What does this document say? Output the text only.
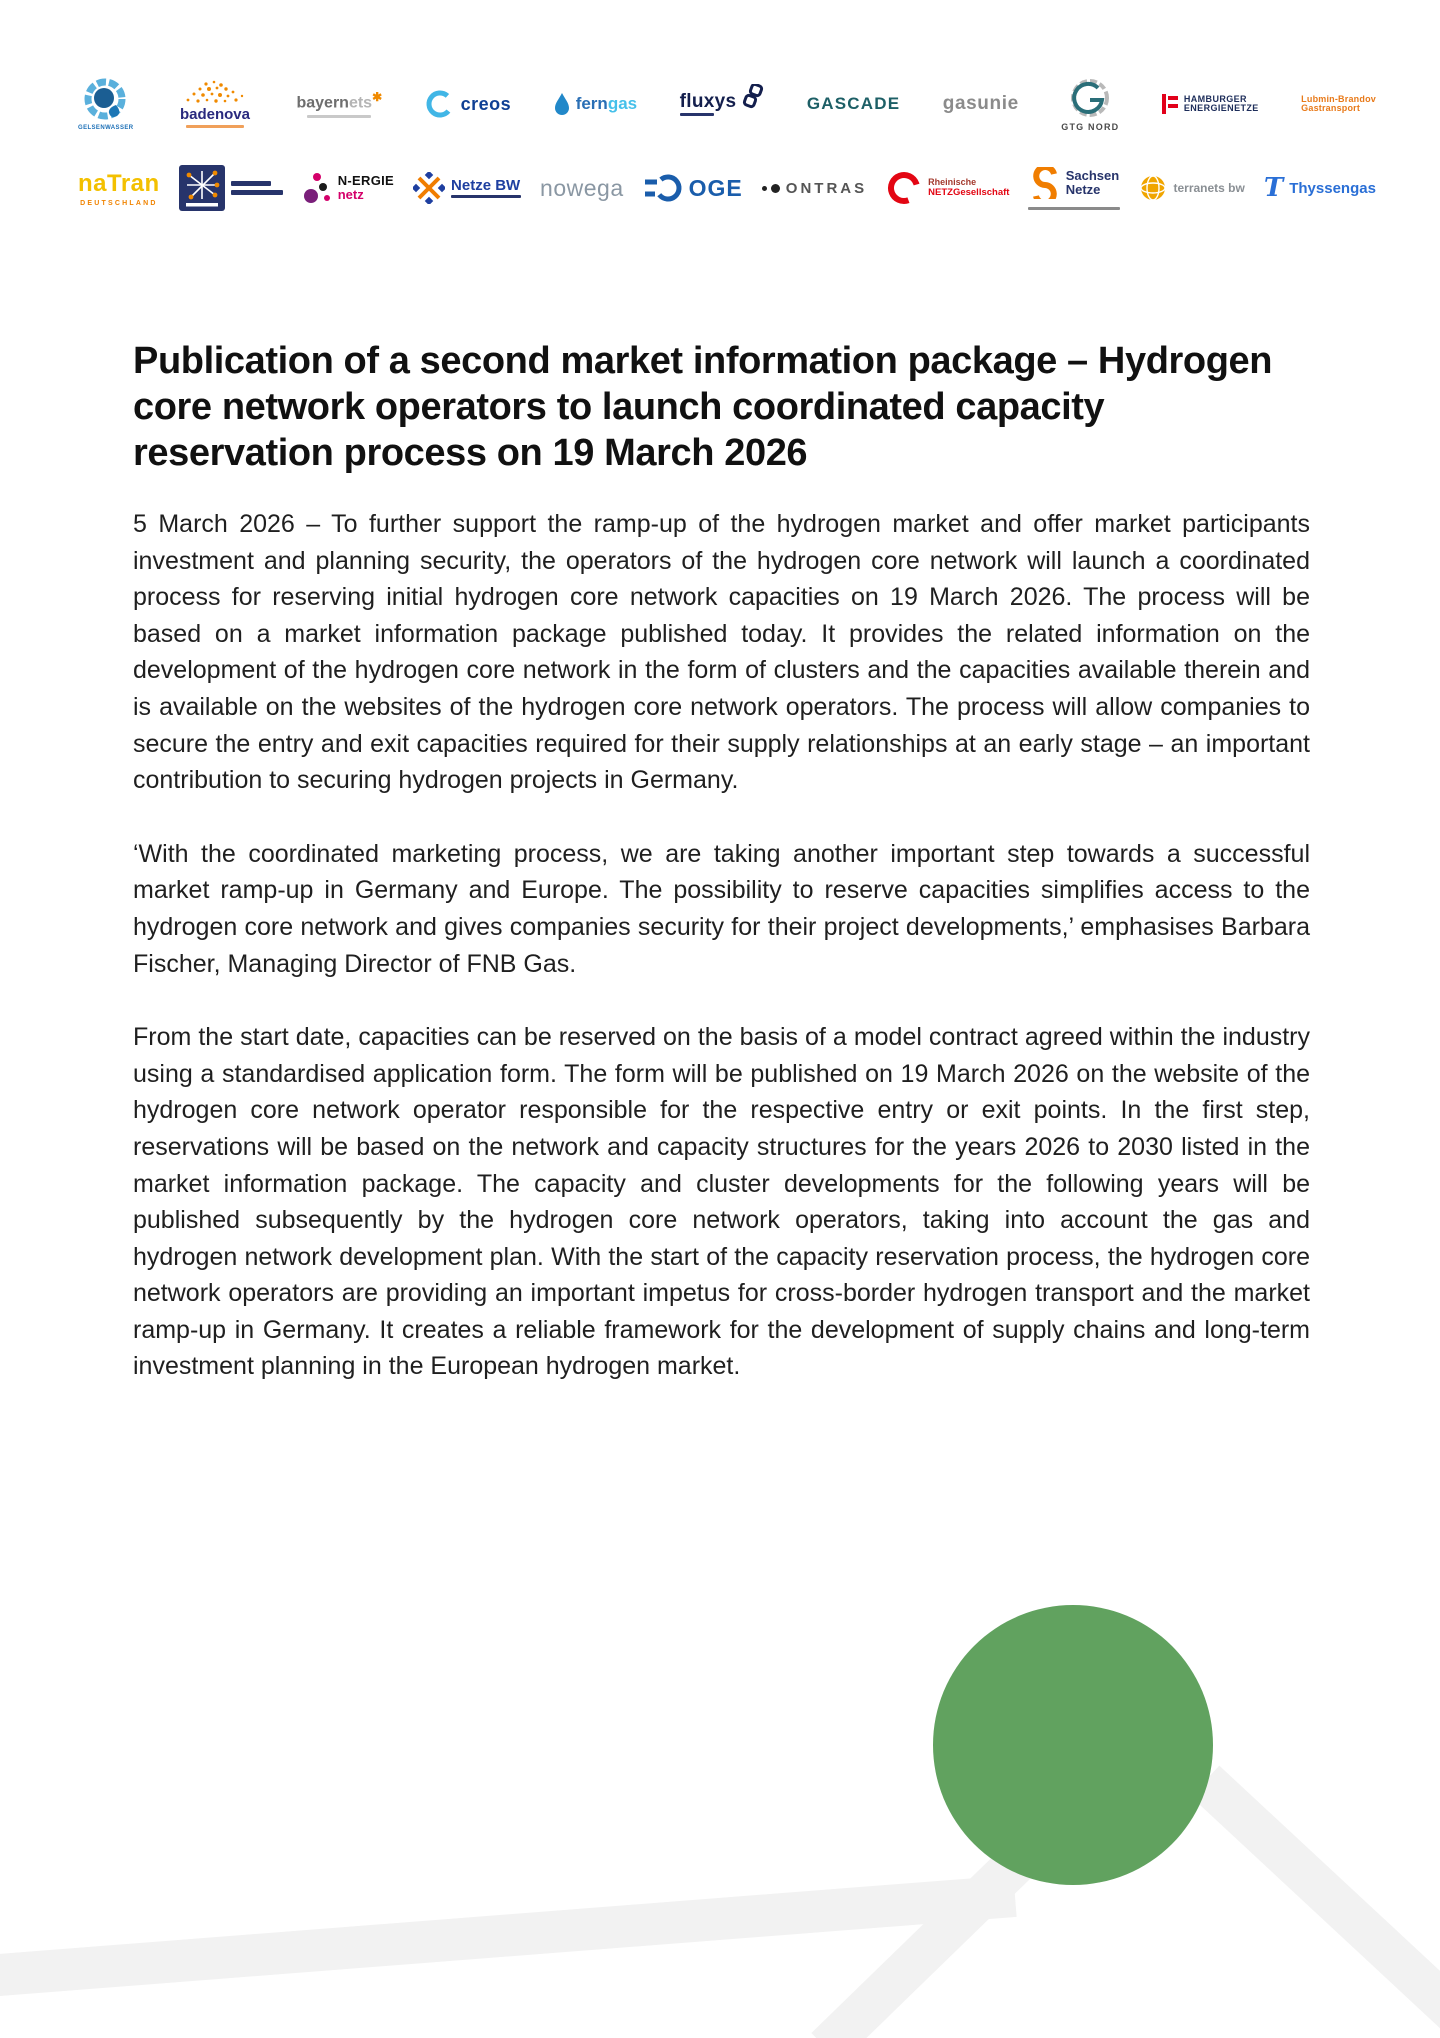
GELSENWASSER
badenova
bayernets✱	creos	ferngas fluxys	GASCADE gasunie
GTG NORD
HAMBURGER
ENERGIENETZE
Lubmin-Brandov
Gastransport
naTran
DEUTSCHLAND
N-ERGIE
netz
Netze BW nowega	OGE	ONTRAS	Rheinische
NETZGesellschaft
Sachsen
Netze	terranets bw T Thyssengas
Publication of a second market information package – Hydrogen core network operators to launch coordinated capacity reservation process on 19 March 2026

5 March 2026 – To further support the ramp-up of the hydrogen market and offer market participants investment and planning security, the operators of the hydrogen core network will launch a coordinated process for reserving initial hydrogen core network capacities on 19 March 2026. The process will be based on a market information package published today. It provides the related information on the development of the hydrogen core network in the form of clusters and the capacities available therein and is available on the websites of the hydrogen core network operators. The process will allow companies to secure the entry and exit capacities required for their supply relationships at an early stage – an important contribution to securing hydrogen projects in Germany.

‘With the coordinated marketing process, we are taking another important step towards a successful market ramp-up in Germany and Europe. The possibility to reserve capacities simplifies access to the hydrogen core network and gives companies security for their project developments,’ emphasises Barbara Fischer, Managing Director of FNB Gas.

From the start date, capacities can be reserved on the basis of a model contract agreed within the industry using a standardised application form. The form will be published on 19 March 2026 on the website of the hydrogen core network operator responsible for the respective entry or exit points. In the first step, reservations will be based on the network and capacity structures for the years 2026 to 2030 listed in the market information package. The capacity and cluster developments for the following years will be published subsequently by the hydrogen core network operators, taking into account the gas and hydrogen network development plan. With the start of the capacity reservation process, the hydrogen core network operators are providing an important impetus for cross-border hydrogen transport and the market ramp-up in Germany. It creates a reliable framework for the development of supply chains and long-term investment planning in the European hydrogen market.
